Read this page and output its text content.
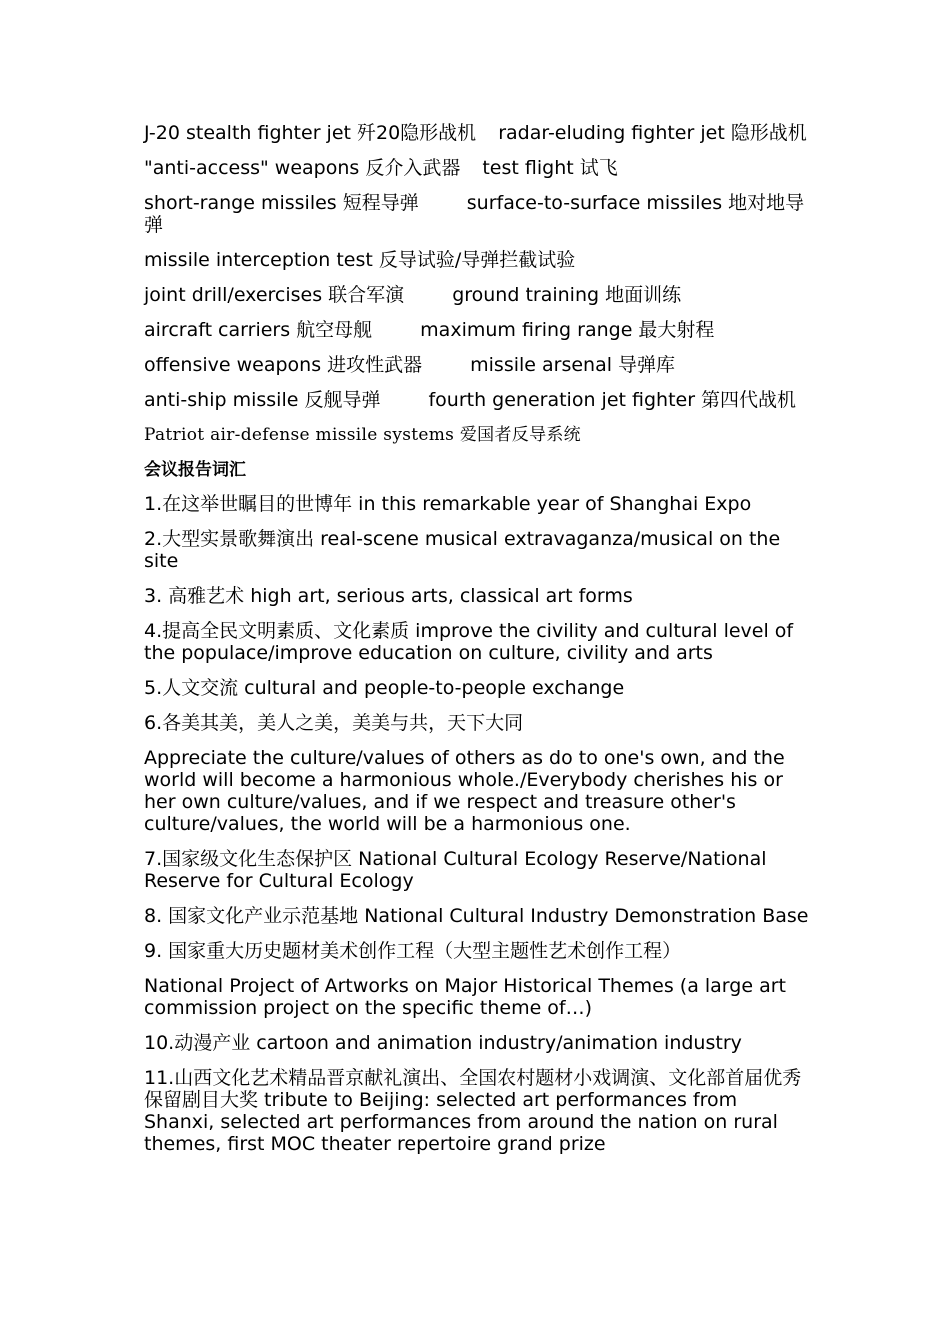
J-20 stealth fighter jet 歼20隐形战机 radar-eluding fighter jet 隐形战机

"anti-access" weapons 反介入武器 test flight 试飞

short-range missiles 短程导弹	surface-to-surface missiles 地对地导弹

missile interception test 反导试验/导弹拦截试验

joint drill/exercises 联合军演	ground training 地面训练

aircraft carriers 航空母舰	maximum firing range 最大射程

offensive weapons 进攻性武器	missile arsenal 导弹库

anti-ship missile 反舰导弹	fourth generation jet fighter 第四代战机

Patriot air-defense missile systems 爱国者反导系统

会议报告词汇

1.在这举世瞩目的世博年 in this remarkable year of Shanghai Expo

2.大型实景歌舞演出 real-scene musical extravaganza/musical on the site

3. 高雅艺术 high art, serious arts, classical art forms

4.提高全民文明素质、文化素质 improve the civility and cultural level of the populace/improve education on culture, civility and arts

5.人文交流 cultural and people-to-people exchange

6.各美其美，美人之美，美美与共，天下大同

Appreciate the culture/values of others as do to one's own, and the world will become a harmonious whole./Everybody cherishes his or her own culture/values, and if we respect and treasure other's culture/values, the world will be a harmonious one.

7.国家级文化生态保护区 National Cultural Ecology Reserve/National Reserve for Cultural Ecology

8. 国家文化产业示范基地 National Cultural Industry Demonstration Base

9. 国家重大历史题材美术创作工程（大型主题性艺术创作工程）

National Project of Artworks on Major Historical Themes (a large art commission project on the specific theme of…)

10.动漫产业 cartoon and animation industry/animation industry

11.山西文化艺术精品晋京献礼演出、全国农村题材小戏调演、文化部首届优秀保留剧目大奖 tribute to Beijing: selected art performances from Shanxi, selected art performances from around the nation on rural themes, first MOC theater repertoire grand prize
